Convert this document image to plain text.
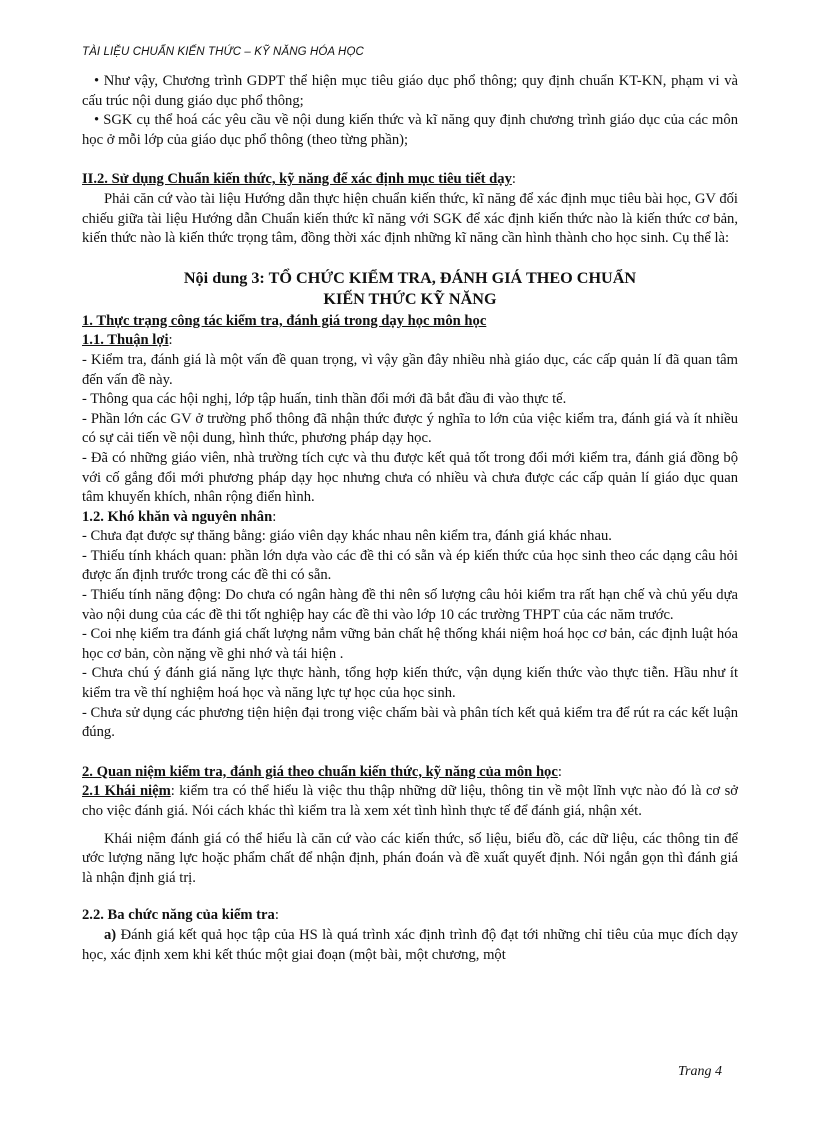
TÀI LIỆU CHUẨN KIẾN THỨC – KỸ NĂNG HÓA HỌC

• Như vậy, Chương trình GDPT thể hiện mục tiêu giáo dục phổ thông; quy định chuẩn KT-KN, phạm vi và cấu trúc nội dung giáo dục phổ thông;

• SGK cụ thể hoá các yêu cầu về nội dung kiến thức và kĩ năng quy định chương trình giáo dục của các môn học ở mỗi lớp của giáo dục phổ thông (theo từng phần);

II.2. Sử dụng Chuẩn kiến thức, kỹ năng để xác định mục tiêu tiết dạy:

Phải căn cứ vào tài liệu Hướng dẫn thực hiện chuẩn kiến thức, kĩ năng để xác định mục tiêu bài học, GV đối chiếu giữa tài liệu Hướng dẫn Chuẩn kiến thức kĩ năng với SGK để xác định kiến thức nào là kiến thức cơ bản, kiến thức nào là kiến thức trọng tâm, đồng thời xác định những kĩ năng cần hình thành cho học sinh. Cụ thể là:

Nội dung 3: TỔ CHỨC KIỂM TRA, ĐÁNH GIÁ THEO CHUẨN
KIẾN THỨC KỸ NĂNG

1. Thực trạng công tác kiểm tra, đánh giá trong dạy học môn học

1.1. Thuận lợi:

- Kiểm tra, đánh giá là một vấn đề quan trọng, vì vậy gần đây nhiều nhà giáo dục, các cấp quản lí đã quan tâm đến vấn đề này.

- Thông qua các hội nghị, lớp tập huấn, tinh thần đổi mới đã bắt đầu đi vào thực tế.

- Phần lớn các GV ở trường phổ thông đã nhận thức được ý nghĩa to lớn của việc kiểm tra, đánh giá và ít nhiều có sự cải tiến về nội dung, hình thức, phương pháp dạy học.

- Đã có những giáo viên, nhà trường tích cực và thu được kết quả tốt trong đổi mới kiểm tra, đánh giá đồng bộ với cố gắng đổi mới phương pháp dạy học nhưng chưa có nhiều và chưa được các cấp quản lí giáo dục quan tâm khuyến khích, nhân rộng điển hình.

1.2. Khó khăn và nguyên nhân:

- Chưa đạt được sự thăng bằng: giáo viên dạy khác nhau nên kiểm tra, đánh giá khác nhau.

- Thiếu tính khách quan: phần lớn dựa vào các đề thi có sẵn và ép kiến thức của học sinh theo các dạng câu hỏi được ấn định trước trong các đề thi có sẵn.

- Thiếu tính năng động: Do chưa có ngân hàng đề thi nên số lượng câu hỏi kiểm tra rất hạn chế và chủ yếu dựa vào nội dung của các đề thi tốt nghiệp hay các đề thi vào lớp 10 các trường THPT của các năm trước.

- Coi nhẹ kiểm tra đánh giá chất lượng nắm vững bản chất hệ thống khái niệm hoá học cơ bản, các định luật hóa học cơ bản, còn nặng về ghi nhớ và tái hiện .

- Chưa chú ý đánh giá năng lực thực hành, tổng hợp kiến thức, vận dụng kiến thức vào thực tiễn. Hầu như ít kiểm tra về thí nghiệm hoá học và năng lực tự học của học sinh.

- Chưa sử dụng các phương tiện hiện đại trong việc chấm bài và phân tích kết quả kiểm tra để rút ra các kết luận đúng.

2. Quan niệm kiểm tra, đánh giá theo chuẩn kiến thức, kỹ năng của môn học:

2.1 Khái niệm: kiểm tra có thể hiểu là việc thu thập những dữ liệu, thông tin về một lĩnh vực nào đó là cơ sở cho việc đánh giá. Nói cách khác thì kiểm tra là xem xét tình hình thực tế để đánh giá, nhận xét.

Khái niệm đánh giá có thể hiểu là căn cứ vào các kiến thức, số liệu, biểu đồ, các dữ liệu, các thông tin để ước lượng năng lực hoặc phẩm chất để nhận định, phán đoán và đề xuất quyết định. Nói ngắn gọn thì đánh giá là nhận định giá trị.

2.2. Ba chức năng của kiểm tra:

a) Đánh giá kết quả học tập của HS là quá trình xác định trình độ đạt tới những chỉ tiêu của mục đích dạy học, xác định xem khi kết thúc một giai đoạn (một bài, một chương, một

Trang 4
